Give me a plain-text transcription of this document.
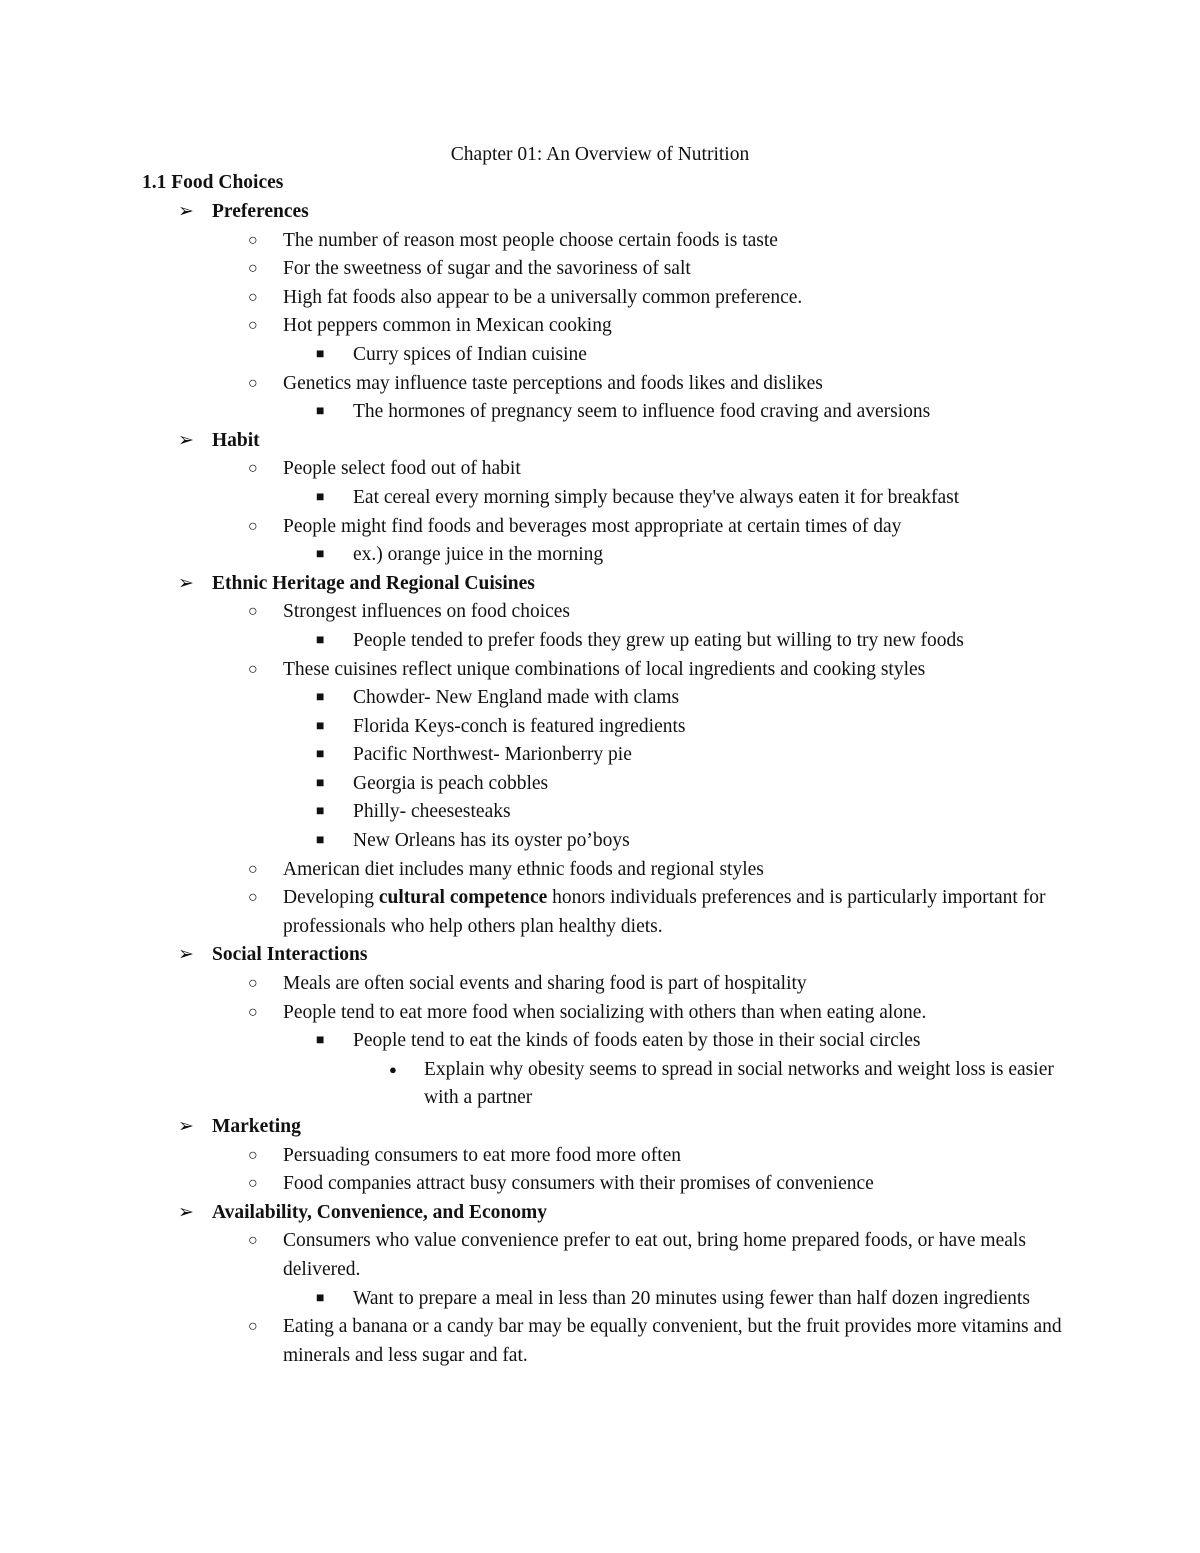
Chapter 01: An Overview of Nutrition
1.1 Food Choices
➢ Preferences
○ The number of reason most people choose certain foods is taste
○ For the sweetness of sugar and the savoriness of salt
○ High fat foods also appear to be a universally common preference.
○ Hot peppers common in Mexican cooking
■ Curry spices of Indian cuisine
○ Genetics may influence taste perceptions and foods likes and dislikes
■ The hormones of pregnancy seem to influence food craving and aversions
➢ Habit
○ People select food out of habit
■ Eat cereal every morning simply because they've always eaten it for breakfast
○ People might find foods and beverages most appropriate at certain times of day
■ ex.) orange juice in the morning
➢ Ethnic Heritage and Regional Cuisines
○ Strongest influences on food choices
■ People tended to prefer foods they grew up eating but willing to try new foods
○ These cuisines reflect unique combinations of local ingredients and cooking styles
■ Chowder- New England made with clams
■ Florida Keys-conch is featured ingredients
■ Pacific Northwest- Marionberry pie
■ Georgia is peach cobbles
■ Philly- cheesesteaks
■ New Orleans has its oyster po’boys
○ American diet includes many ethnic foods and regional styles
○ Developing cultural competence honors individuals preferences and is particularly important for professionals who help others plan healthy diets.
➢ Social Interactions
○ Meals are often social events and sharing food is part of hospitality
○ People tend to eat more food when socializing with others than when eating alone.
■ People tend to eat the kinds of foods eaten by those in their social circles
● Explain why obesity seems to spread in social networks and weight loss is easier with a partner
➢ Marketing
○ Persuading consumers to eat more food more often
○ Food companies attract busy consumers with their promises of convenience
➢ Availability, Convenience, and Economy
○ Consumers who value convenience prefer to eat out, bring home prepared foods, or have meals delivered.
■ Want to prepare a meal in less than 20 minutes using fewer than half dozen ingredients
○ Eating a banana or a candy bar may be equally convenient, but the fruit provides more vitamins and minerals and less sugar and fat.
